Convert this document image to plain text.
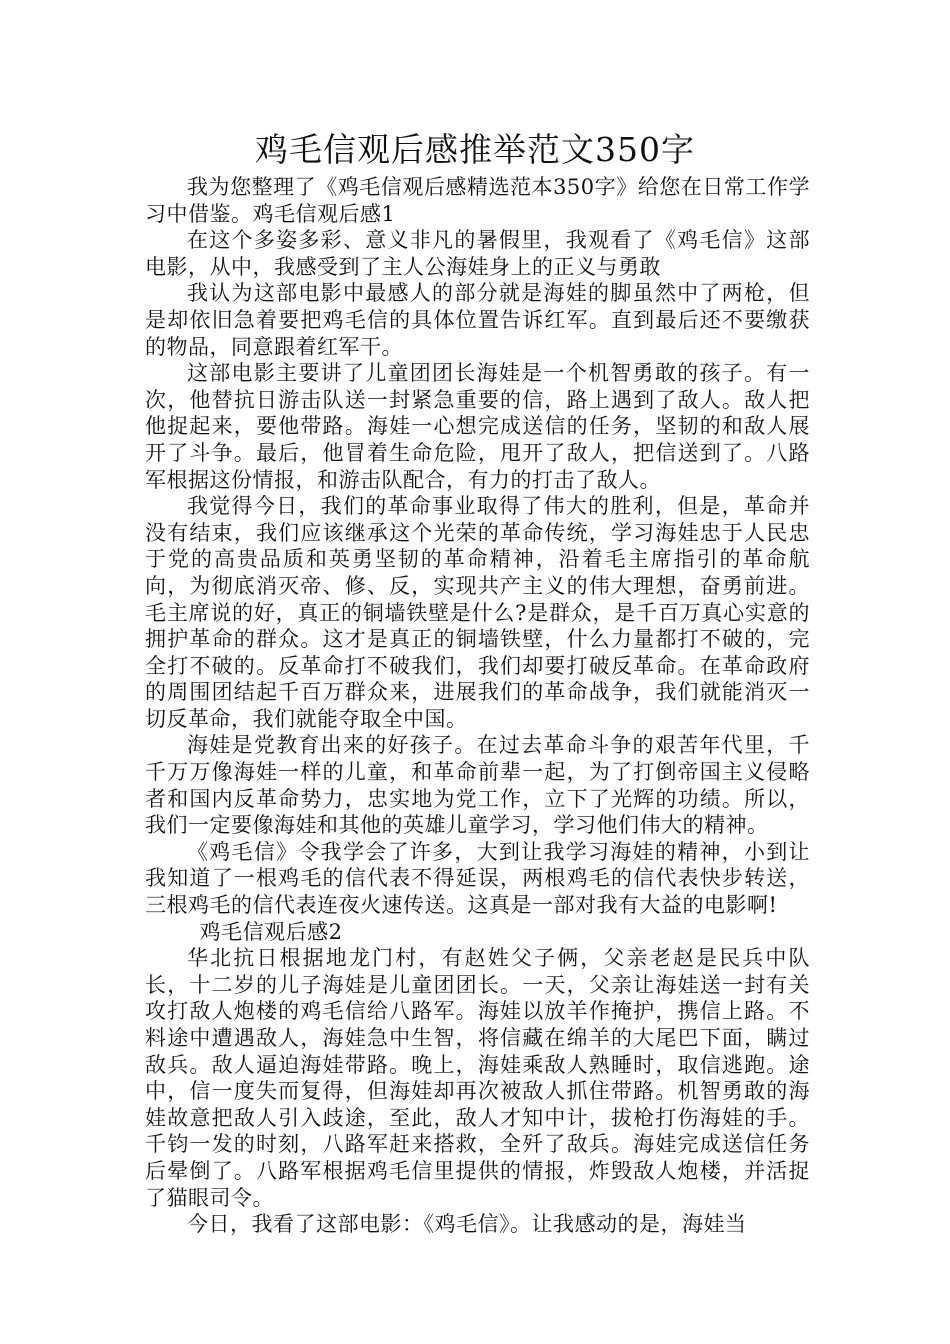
鸡毛信观后感推举范文350字

我为您整理了《鸡毛信观后感精选范本350字》给您在日常工作学习中借鉴。鸡毛信观后感1

在这个多姿多彩、意义非凡的暑假里，我观看了《鸡毛信》这部电影，从中，我感受到了主人公海娃身上的正义与勇敢

我认为这部电影中最感人的部分就是海娃的脚虽然中了两枪，但是却依旧急着要把鸡毛信的具体位置告诉红军。直到最后还不要缴获的物品，同意跟着红军干。

这部电影主要讲了儿童团团长海娃是一个机智勇敢的孩子。有一次，他替抗日游击队送一封紧急重要的信，路上遇到了敌人。敌人把他捉起来，要他带路。海娃一心想完成送信的任务，坚韧的和敌人展开了斗争。最后，他冒着生命危险，甩开了敌人，把信送到了。八路军根据这份情报，和游击队配合，有力的打击了敌人。

我觉得今日，我们的革命事业取得了伟大的胜利，但是，革命并没有结束，我们应该继承这个光荣的革命传统，学习海娃忠于人民忠于党的高贵品质和英勇坚韧的革命精神，沿着毛主席指引的革命航向，为彻底消灭帝、修、反，实现共产主义的伟大理想，奋勇前进。毛主席说的好，真正的铜墙铁壁是什么?是群众，是千百万真心实意的拥护革命的群众。这才是真正的铜墙铁壁，什么力量都打不破的，完全打不破的。反革命打不破我们，我们却要打破反革命。在革命政府的周围团结起千百万群众来，进展我们的革命战争，我们就能消灭一切反革命，我们就能夺取全中国。

海娃是党教育出来的好孩子。在过去革命斗争的艰苦年代里，千千万万像海娃一样的儿童，和革命前辈一起，为了打倒帝国主义侵略者和国内反革命势力，忠实地为党工作，立下了光辉的功绩。所以，我们一定要像海娃和其他的英雄儿童学习，学习他们伟大的精神。

《鸡毛信》令我学会了许多，大到让我学习海娃的精神，小到让我知道了一根鸡毛的信代表不得延误，两根鸡毛的信代表快步转送，三根鸡毛的信代表连夜火速传送。这真是一部对我有大益的电影啊!

鸡毛信观后感2

华北抗日根据地龙门村，有赵姓父子俩，父亲老赵是民兵中队长，十二岁的儿子海娃是儿童团团长。一天，父亲让海娃送一封有关攻打敌人炮楼的鸡毛信给八路军。海娃以放羊作掩护，携信上路。不料途中遭遇敌人，海娃急中生智，将信藏在绵羊的大尾巴下面，瞒过敌兵。敌人逼迫海娃带路。晚上，海娃乘敌人熟睡时，取信逃跑。途中，信一度失而复得，但海娃却再次被敌人抓住带路。机智勇敢的海娃故意把敌人引入歧途，至此，敌人才知中计，拔枪打伤海娃的手。千钧一发的时刻，八路军赶来搭救，全歼了敌兵。海娃完成送信任务后晕倒了。八路军根据鸡毛信里提供的情报，炸毁敌人炮楼，并活捉了猫眼司令。

今日，我看了这部电影：《鸡毛信》。让我感动的是，海娃当
